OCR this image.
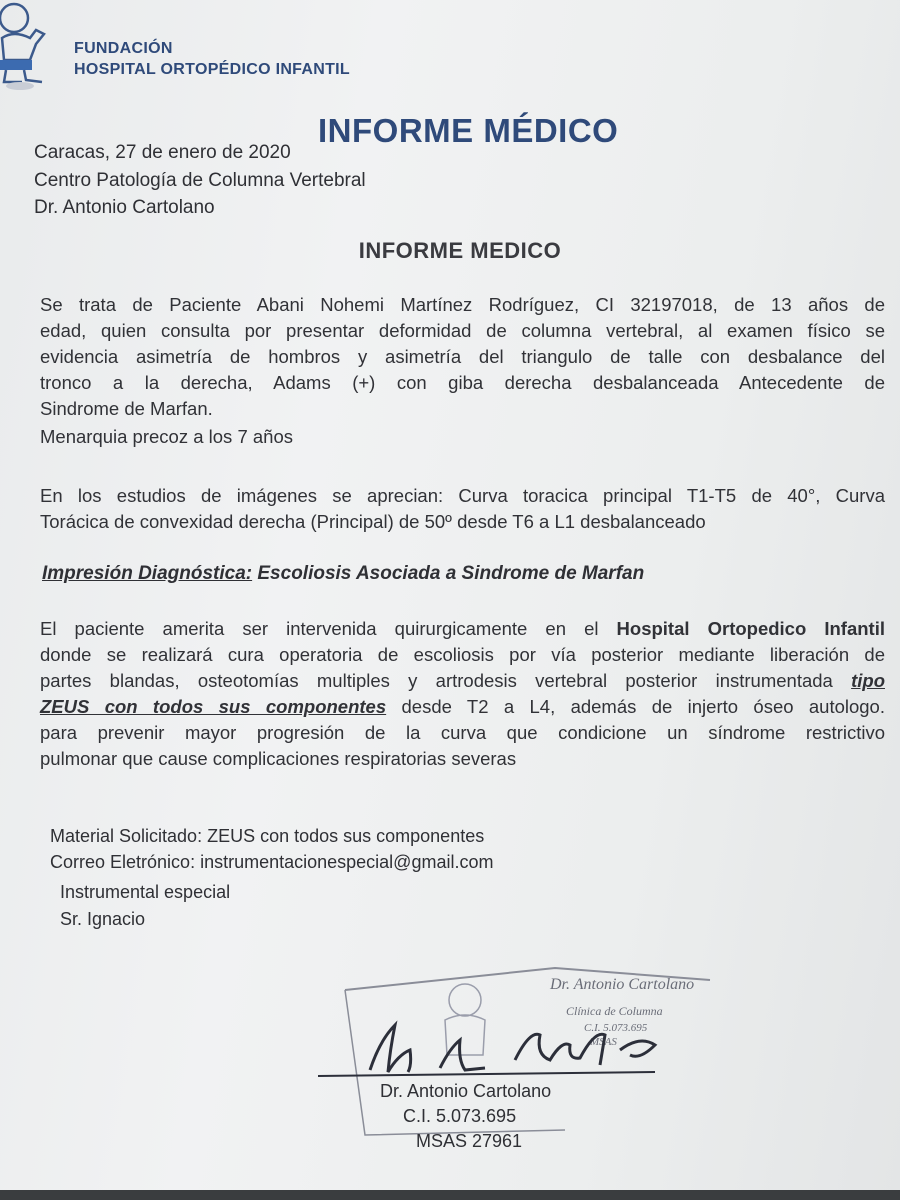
FUNDACIÓN
HOSPITAL ORTOPÉDICO INFANTIL
INFORME MÉDICO
Caracas, 27 de enero de 2020
Centro Patología de Columna Vertebral
Dr. Antonio Cartolano
INFORME MEDICO
Se trata de Paciente Abani Nohemi Martínez Rodríguez, CI 32197018, de 13 años de
edad, quien consulta por presentar deformidad de columna vertebral, al examen físico se
evidencia asimetría de hombros y asimetría del triangulo de talle con desbalance del
tronco a la derecha, Adams (+) con giba derecha desbalanceada Antecedente de
Sindrome de Marfan.
Menarquia precoz a los 7 años
En los estudios de imágenes se aprecian: Curva toracica principal T1-T5 de 40°, Curva
Torácica de convexidad derecha (Principal) de 50º desde T6 a L1 desbalanceado
Impresión Diagnóstica: Escoliosis Asociada a Sindrome de Marfan
El paciente amerita ser intervenida quirurgicamente en el Hospital Ortopedico Infantil
donde se realizará cura operatoria de escoliosis por vía posterior mediante liberación de
partes blandas, osteotomías multiples y artrodesis vertebral posterior instrumentada tipo
ZEUS con todos sus componentes desde T2 a L4, además de injerto óseo autologo.
para prevenir mayor progresión de la curva que condicione un síndrome restrictivo
pulmonar que cause complicaciones respiratorias severas
Material Solicitado: ZEUS con todos sus componentes
Correo Eletrónico: instrumentacionespecial@gmail.com
Instrumental especial
Sr. Ignacio
Dr. Antonio Cartolano
Clínica de Columna
C.I. 5.073.695
MSAS
Dr. Antonio Cartolano
C.I. 5.073.695
MSAS 27961
